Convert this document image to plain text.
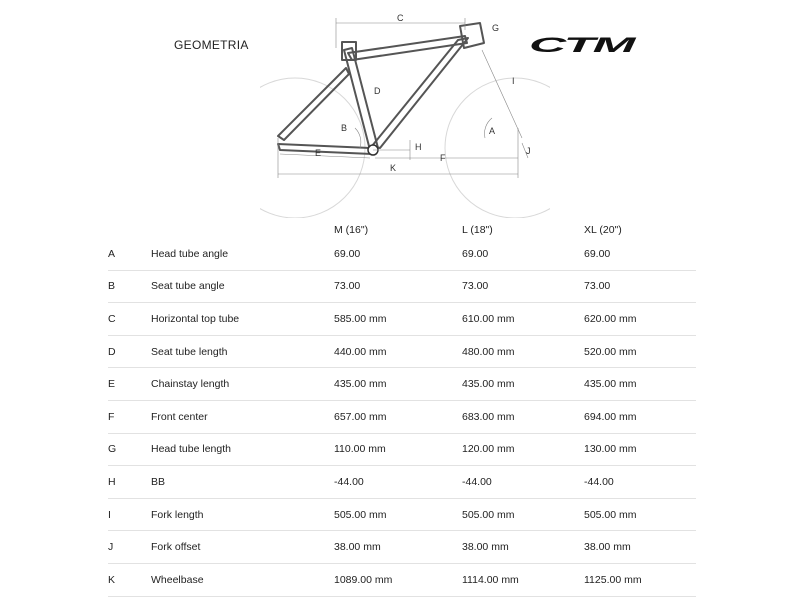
GEOMETRIA	CTM
C
G
I
D
A
B
H
E	F
K
J
M (16")	L (18")	XL (20")
A	Head tube angle	69.00	69.00	69.00
B	Seat tube angle	73.00	73.00	73.00
C	Horizontal top tube	585.00 mm	610.00 mm	620.00 mm
D	Seat tube length	440.00 mm	480.00 mm	520.00 mm
E	Chainstay length	435.00 mm	435.00 mm	435.00 mm
F	Front center	657.00 mm	683.00 mm	694.00 mm
G	Head tube length	110.00 mm	120.00 mm	130.00 mm
H	BB	-44.00	-44.00	-44.00
I	Fork length	505.00 mm	505.00 mm	505.00 mm
J	Fork offset	38.00 mm	38.00 mm	38.00 mm
K	Wheelbase	1089.00 mm	1114.00 mm	1125.00 mm
